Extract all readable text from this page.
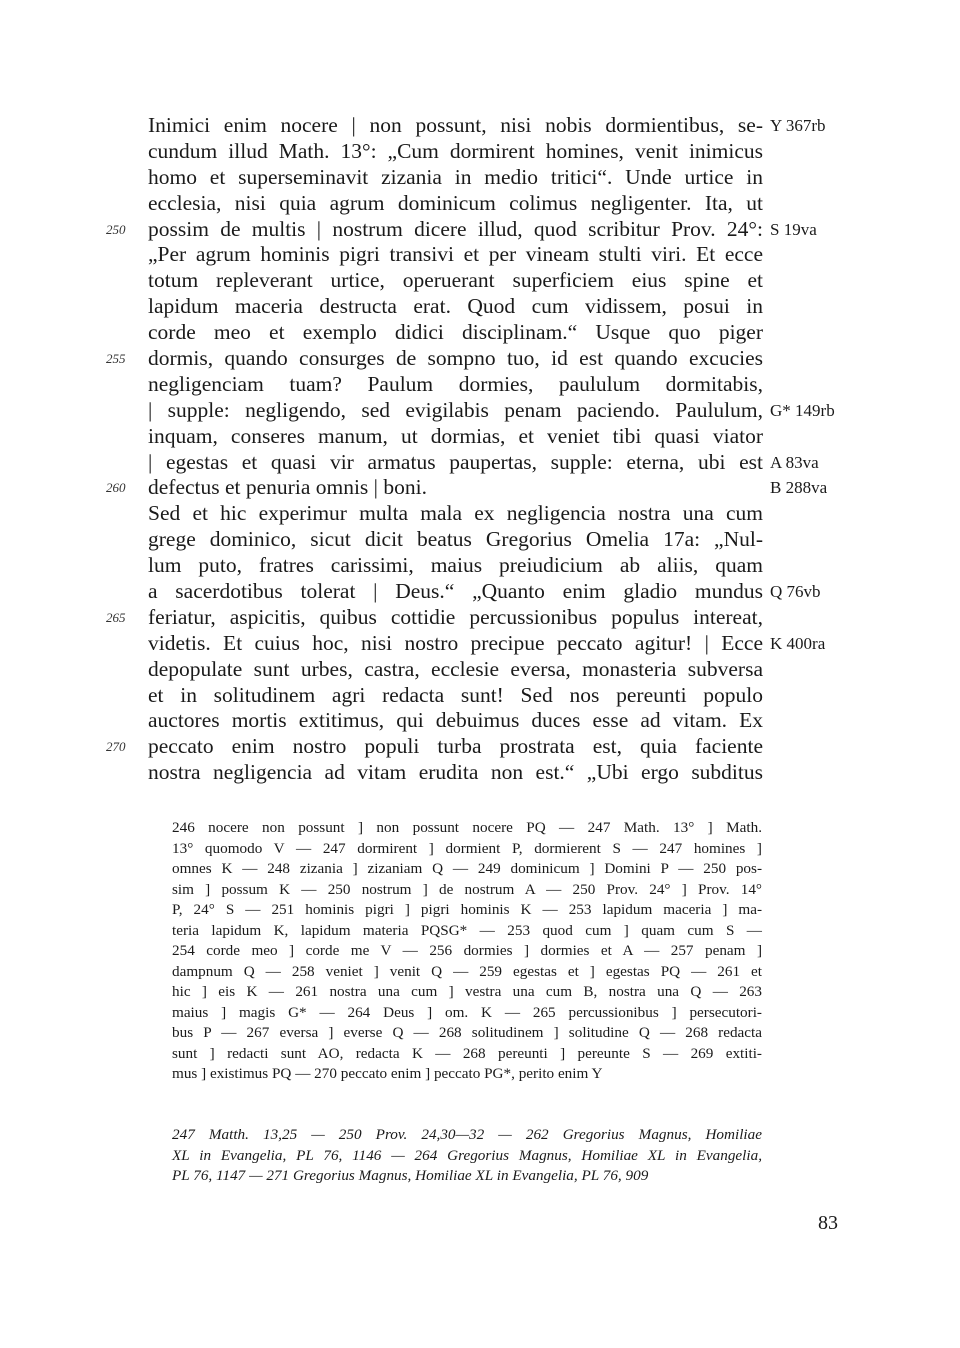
Inimici enim nocere | non possunt, nisi nobis dormientibus, se- Y 367rb
cundum illud Math. 13°: „Cum dormirent homines, venit inimicus
homo et superseminavit zizania in medio tritici“. Unde urtice in
ecclesia, nisi quia agrum dominicum colimus negligenter. Ita, ut
250	possim de multis | nostrum dicere illud, quod scribitur Prov. 24°: S 19va
„Per agrum hominis pigri transivi et per vineam stulti viri. Et ecce
totum repleverant urtice, operuerant superficiem eius spine et
lapidum maceria destructa erat. Quod cum vidissem, posui in
corde meo et exemplo didici disciplinam.“ Usque quo piger
255	dormis, quando consurges de sompno tuo, id est quando excucies
negligenciam tuam? Paulum dormies, paululum dormitabis,
| supple: negligendo, sed evigilabis penam paciendo. Paululum, G* 149rb
inquam, conseres manum, ut dormias, et veniet tibi quasi viator
| egestas et quasi vir armatus paupertas, supple: eterna, ubi est A 83va
260	defectus et penuria omnis | boni.	B 288va
Sed et hic experimur multa mala ex negligencia nostra una cum
grege dominico, sicut dicit beatus Gregorius Omelia 17a: „Nul-
lum puto, fratres carissimi, maius preiudicium ab aliis, quam
a sacerdotibus tolerat | Deus.“ „Quanto enim gladio mundus Q 76vb
265	feriatur, aspicitis, quibus cottidie percussionibus populus intereat,
videtis. Et cuius hoc, nisi nostro precipue peccato agitur! | Ecce K 400ra
depopulate sunt urbes, castra, ecclesie eversa, monasteria subversa
et in solitudinem agri redacta sunt! Sed nos pereunti populo
auctores mortis extitimus, qui debuimus duces esse ad vitam. Ex
270	peccato enim nostro populi turba prostrata est, quia faciente
nostra negligencia ad vitam erudita non est.“ „Ubi ergo subditus
246 nocere non possunt ] non possunt nocere PQ — 247 Math. 13° ] Math.
13° quomodo V — 247 dormirent ] dormient P, dormierent S — 247 homines ]
omnes K — 248 zizania ] zizaniam Q — 249 dominicum ] Domini P — 250 pos-
sim ] possum K — 250 nostrum ] de nostrum A — 250 Prov. 24° ] Prov. 14°
P, 24° S — 251 hominis pigri ] pigri hominis K — 253 lapidum maceria ] ma-
teria lapidum K, lapidum materia PQSG* — 253 quod cum ] quam cum S —
254 corde meo ] corde me V — 256 dormies ] dormies et A — 257 penam ]
dampnum Q — 258 veniet ] venit Q — 259 egestas et ] egestas PQ — 261 et
hic ] eis K — 261 nostra una cum ] vestra una cum B, nostra una Q — 263
maius ] magis G* — 264 Deus ] om. K — 265 percussionibus ] persecutori-
bus P — 267 eversa ] everse Q — 268 solitudinem ] solitudine Q — 268 redacta
sunt ] redacti sunt AO, redacta K — 268 pereunti ] pereunte S — 269 extiti-
mus ] existimus PQ — 270 peccato enim ] peccato PG*, perito enim Y
247 Matth. 13,25 — 250 Prov. 24,30—32 — 262 Gregorius Magnus, Homiliae
XL in Evangelia, PL 76, 1146 — 264 Gregorius Magnus, Homiliae XL in Evangelia,
PL 76, 1147 — 271 Gregorius Magnus, Homiliae XL in Evangelia, PL 76, 909
83
